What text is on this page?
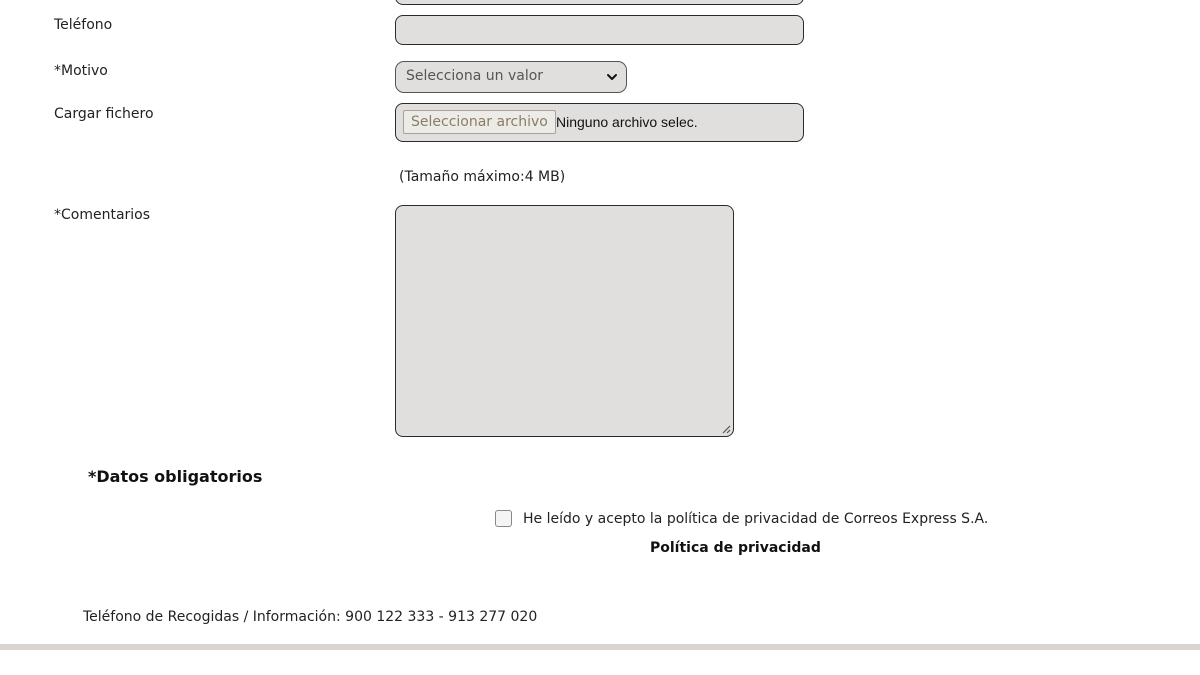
Teléfono
*Motivo	Selecciona un valor
Cargar fichero	Seleccionar archivo Ninguno archivo selec.
(Tamaño máximo:4 MB)
*Comentarios
*Datos obligatorios
He leído y acepto la política de privacidad de Correos Express S.A.
Política de privacidad
Teléfono de Recogidas / Información: 900 122 333 - 913 277 020
